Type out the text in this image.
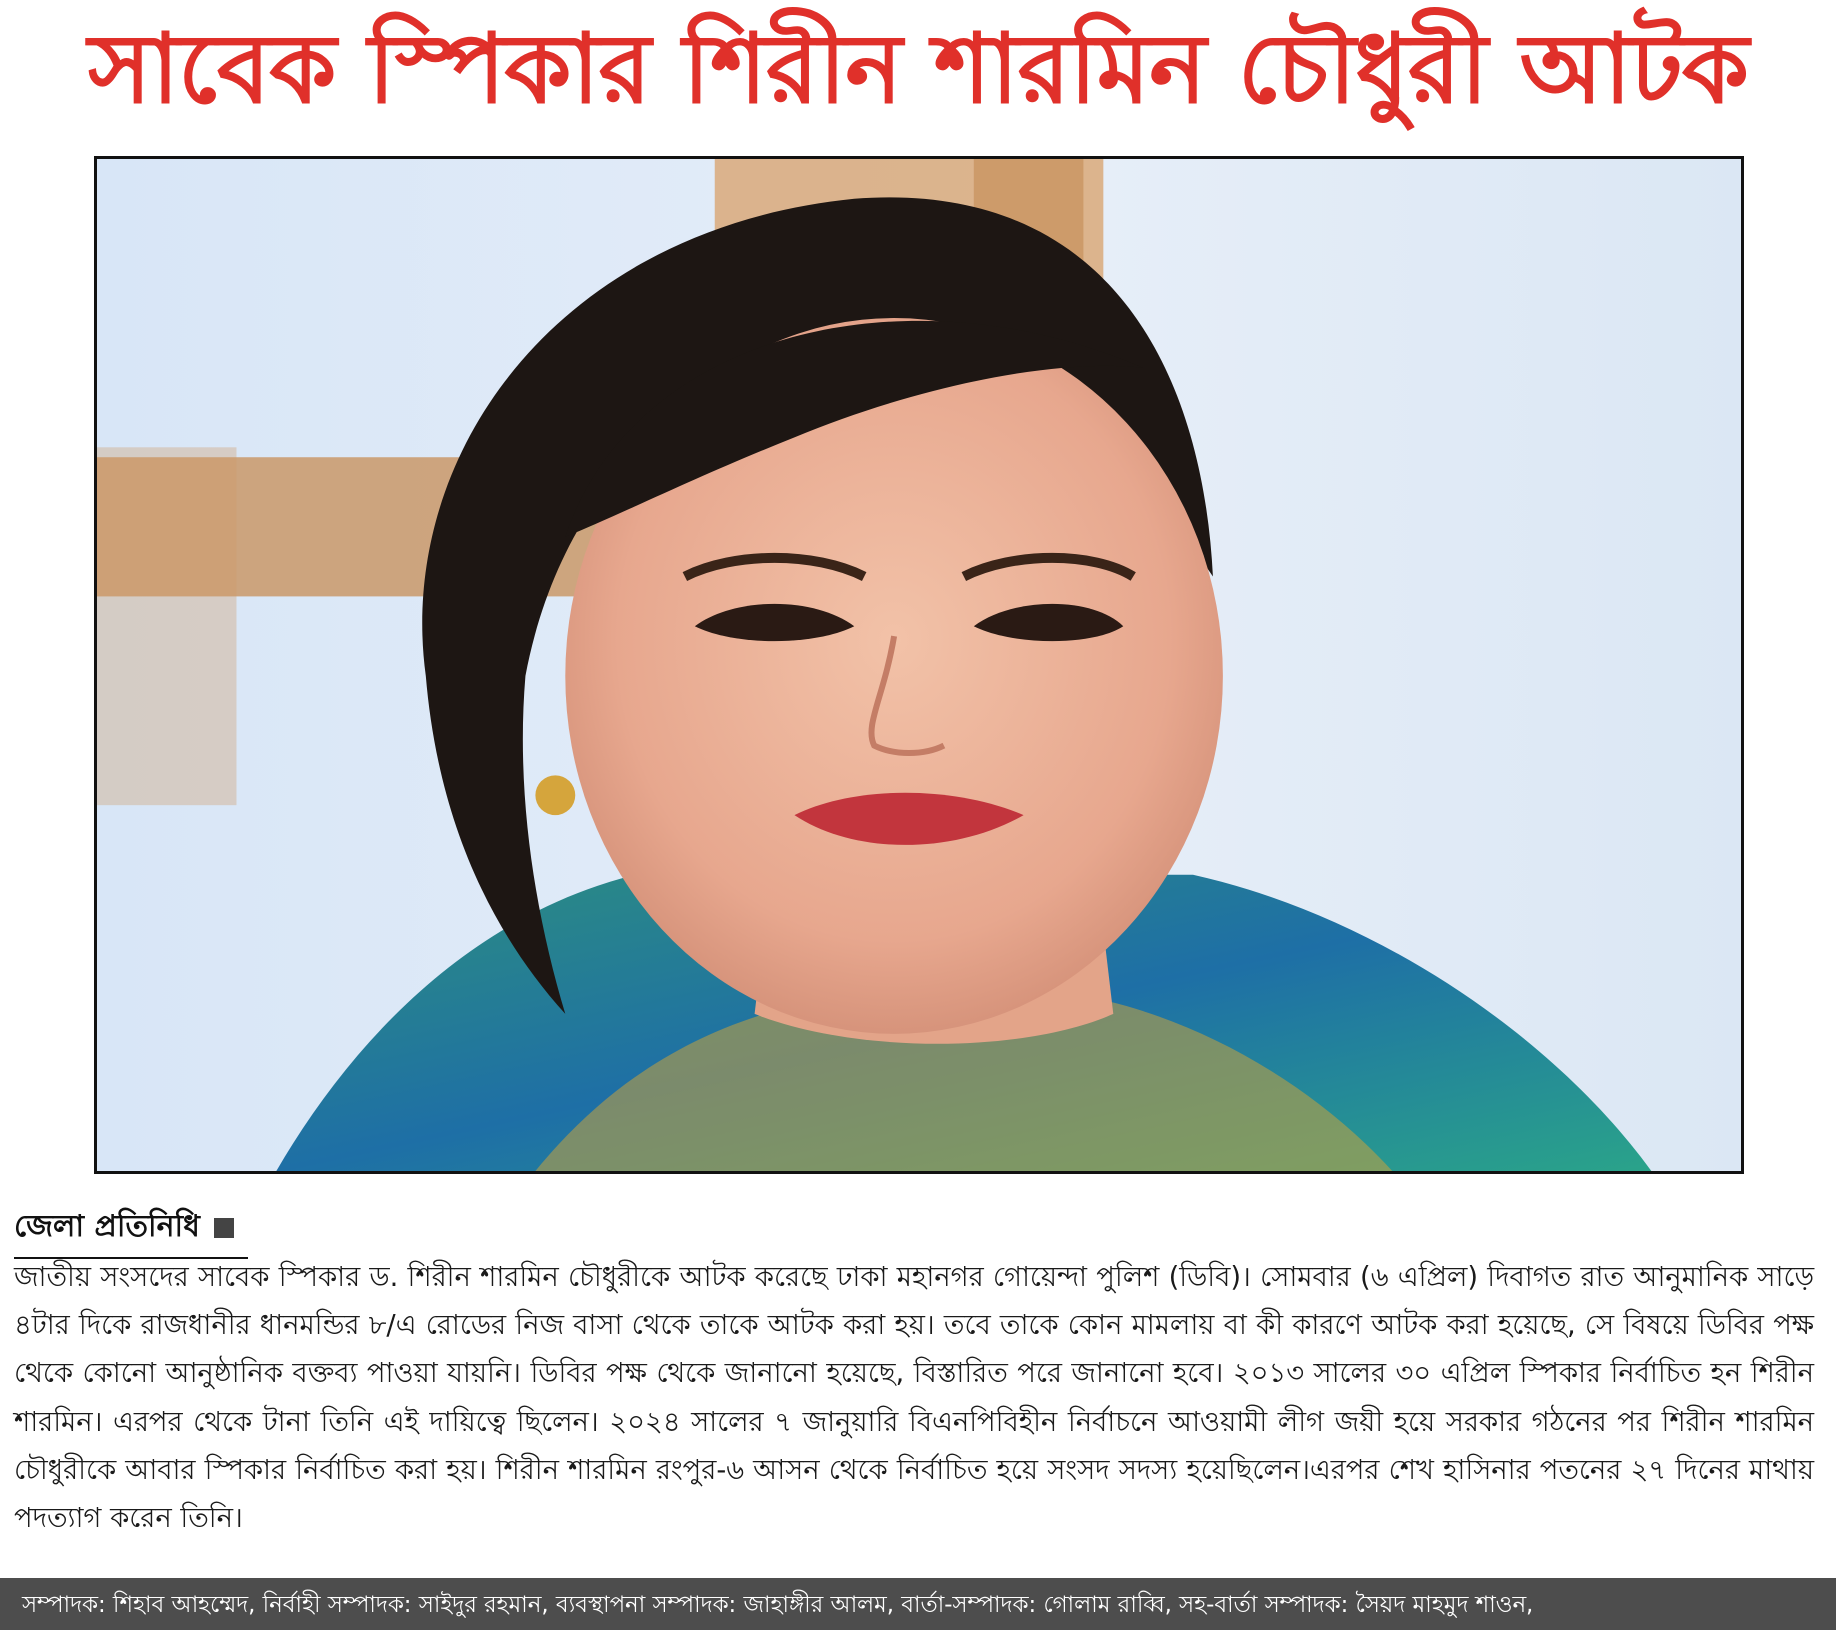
সাবেক স্পিকার শিরীন শারমিন চৌধুরী আটক
জেলা প্রতিনিধি
জাতীয় সংসদের সাবেক স্পিকার ড. শিরীন শারমিন চৌধুরীকে আটক করেছে ঢাকা মহানগর গোয়েন্দা পুলিশ (ডিবি)। সোমবার (৬ এপ্রিল) দিবাগত রাত আনুমানিক সাড়ে ৪টার দিকে রাজধানীর ধানমন্ডির ৮/এ রোডের নিজ বাসা থেকে তাকে আটক করা হয়। তবে তাকে কোন মামলায় বা কী কারণে আটক করা হয়েছে, সে বিষয়ে ডিবির পক্ষ থেকে কোনো আনুষ্ঠানিক বক্তব্য পাওয়া যায়নি। ডিবির পক্ষ থেকে জানানো হয়েছে, বিস্তারিত পরে জানানো হবে। ২০১৩ সালের ৩০ এপ্রিল স্পিকার নির্বাচিত হন শিরীন শারমিন। এরপর থেকে টানা তিনি এই দায়িত্বে ছিলেন। ২০২৪ সালের ৭ জানুয়ারি বিএনপিবিহীন নির্বাচনে আওয়ামী লীগ জয়ী হয়ে সরকার গঠনের পর শিরীন শারমিন চৌধুরীকে আবার স্পিকার নির্বাচিত করা হয়। শিরীন শারমিন রংপুর-৬ আসন থেকে নির্বাচিত হয়ে সংসদ সদস্য হয়েছিলেন।এরপর শেখ হাসিনার পতনের ২৭ দিনের মাথায় পদত্যাগ করেন তিনি।
সম্পাদক: শিহাব আহম্মেদ, নির্বাহী সম্পাদক: সাইদুর রহমান, ব্যবস্থাপনা সম্পাদক: জাহাঙ্গীর আলম, বার্তা-সম্পাদক: গোলাম রাব্বি, সহ-বার্তা সম্পাদক: সৈয়দ মাহমুদ শাওন,
